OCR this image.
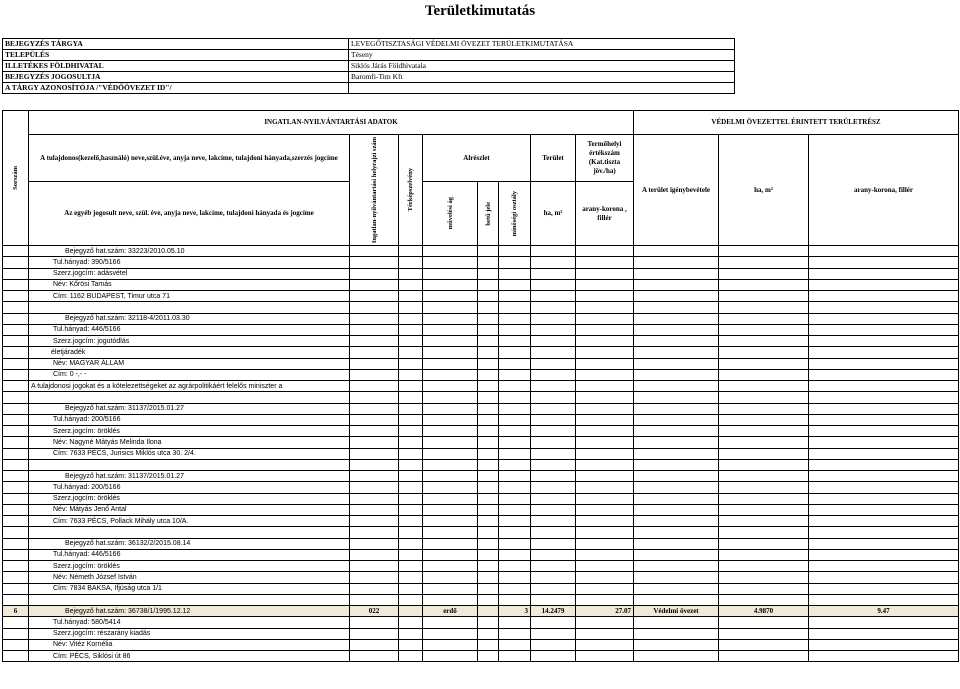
Területkimutatás
BEJEGYZÉS TÁRGYA	LEVEGŐTISZTASÁGI VÉDELMI ÖVEZET TERÜLETKIMUTATÁSA
TELEPÜLÉS	Tésenу
ILLETÉKES FÖLDHIVATAL	Siklós Járás Földhivatala
BEJEGYZÉS JOGOSULTJA	Baromfi-Tim Kft
A TÁRGY AZONOSÍTÓJA /"VÉDŐÖVEZET ID"/	
Sorszám	INGATLAN-NYILVÁNTARTÁSI ADATOK								VÉDELMI ÖVEZETTEL ÉRINTETT TERÜLETRÉSZ		
	A tulajdonos(kezelő,használó) neve,szül.éve, anyja neve, lakcíme, tulajdoni hányada,szerzés jogcíme	Ingatlan-nyilvántartási helyrajzi szám	Térképszelvény	Alrészlet			Terület	Termőhelyi értékszám (Kat.tiszta jöv./ha)	A terület igénybevétele	ha, m²	arany-korona, fillér
	Az egyéb jogosult neve, szül. éve, anyja neve, lakcíme, tulajdoni hányada és jogcíme			művelési ág	betű jele	minőségi osztály	ha, m²	arany-korona , fillér			
	Bejegyző hat.szám: 33223/2010.05.10										
	Tul.hányad: 390/5166										
	Szerz.jogcím: adásvétel										
	Név: Kőrösi Tamás										
	Cím: 1162 BUDAPEST, Timur utca 71										

	Bejegyző hat.szám: 32118-4/2011.03.30										
	Tul.hányad: 446/5166										
	Szerz.jogcím: jogutódlás										
	életjáradék										
	Név: MAGYAR ÁLLAM										
	Cím: 0 -,- -										
	A tulajdonosi jogokat és a kötelezettségeket az agrárpolitikáért felelős miniszter a										

	Bejegyző hat.szám: 31137/2015.01.27										
	Tul.hányad: 200/5166										
	Szerz.jogcím: öröklés										
	Név: Nagyné Mátyás Melinda Ilona										
	Cím: 7633 PÉCS, Jurisics Miklós utca 30. 2/4.										

	Bejegyző hat.szám: 31137/2015.01.27										
	Tul.hányad: 200/5166										
	Szerz.jogcím: öröklés										
	Név: Mátyás Jenő Antal										
	Cím: 7633 PÉCS, Pollack Mihály utca 10/A.										

	Bejegyző hat.szám: 36132/2/2015.08.14										
	Tul.hányad: 446/5166										
	Szerz.jogcím: öröklés										
	Név: Németh József István										
	Cím: 7834 BAKSA, Ifjúság utca 1/1										

6	Bejegyző hat.szám: 36738/1/1995.12.12	022		erdő		3	14.2479	27.07	Védelmi övezet	4.9870	9.47
	Tul.hányad: 580/5414										
	Szerz.jogcím: részarány kiadás										
	Név: Vitéz Kornélia										
	Cím: PÉCS, Siklósi út 86										
